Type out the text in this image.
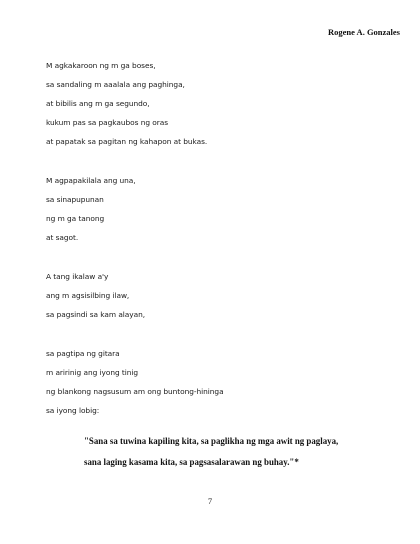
Rogene A. Gonzales
M agkakaroon ng m ga boses,
sa sandaling m aaalala ang paghinga,
at bibilis ang m ga segundo,
kukum pas sa pagkaubos ng oras
at papatak sa pagitan ng kahapon at bukas.
M agpapakilala ang una,
sa sinapupunan
ng m ga tanong
at sagot.
A tang ikalaw a'y
ang m agsisilbing ilaw,
sa pagsindi sa kam alayan,
sa pagtipa ng gitara
m aririnig ang iyong tinig
ng blankong nagsusum am ong buntong-hininga
sa iyong lobig:
"Sana sa tuwina kapiling kita, sa paglikha ng mga awit ng paglaya,
sana laging kasama kita, sa pagsasalarawan ng buhay."*
7
